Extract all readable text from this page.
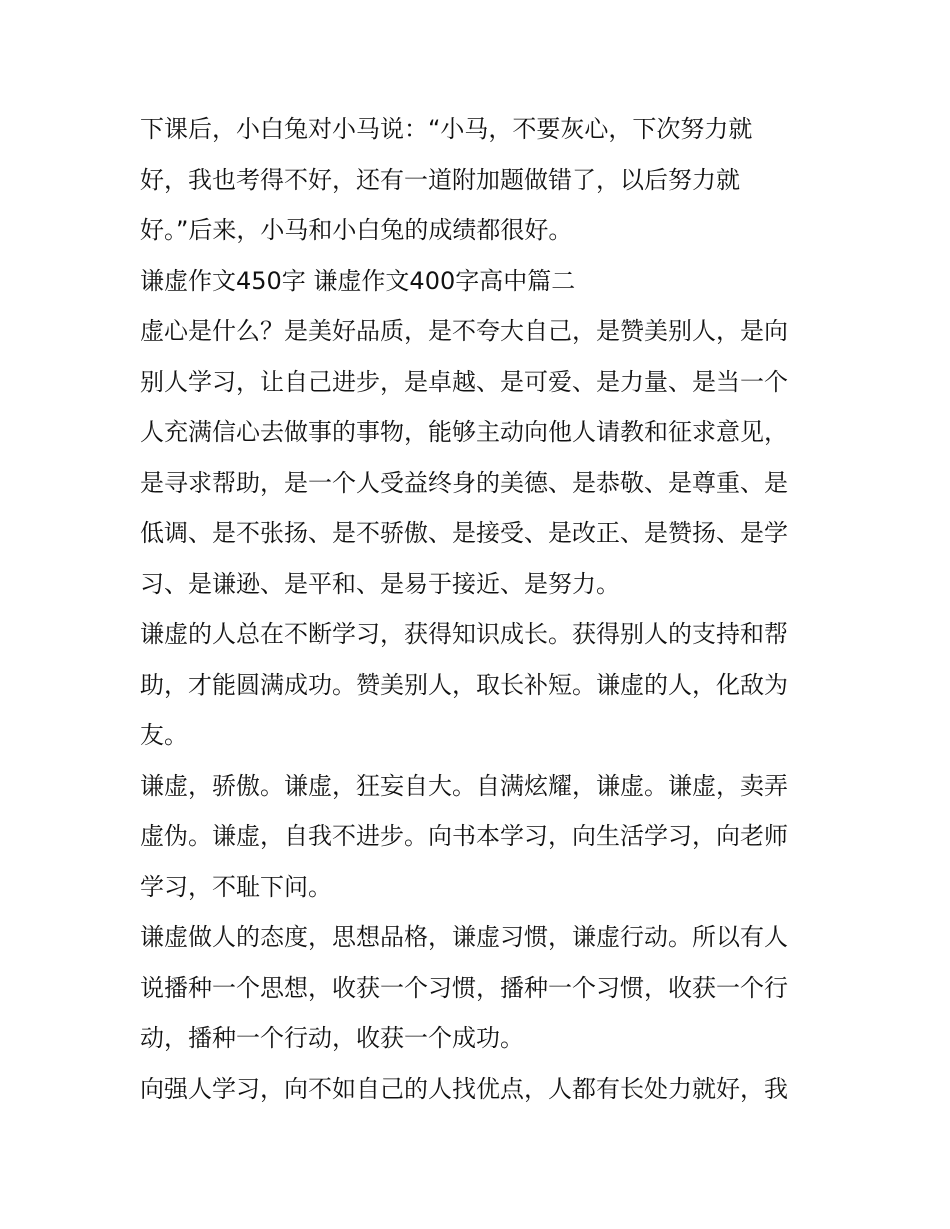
下课后，小白兔对小马说：“小马，不要灰心，下次努力就

好，我也考得不好，还有一道附加题做错了，以后努力就

好。”后来，小马和小白兔的成绩都很好。

谦虚作文450字 谦虚作文400字高中篇二

虚心是什么？是美好品质，是不夸大自己，是赞美别人，是向

别人学习，让自己进步，是卓越、是可爱、是力量、是当一个

人充满信心去做事的事物，能够主动向他人请教和征求意见，

是寻求帮助，是一个人受益终身的美德、是恭敬、是尊重、是

低调、是不张扬、是不骄傲、是接受、是改正、是赞扬、是学

习、是谦逊、是平和、是易于接近、是努力。

谦虚的人总在不断学习，获得知识成长。获得别人的支持和帮

助，才能圆满成功。赞美别人，取长补短。谦虚的人，化敌为

友。

谦虚，骄傲。谦虚，狂妄自大。自满炫耀，谦虚。谦虚，卖弄

虚伪。谦虚，自我不进步。向书本学习，向生活学习，向老师

学习，不耻下问。

谦虚做人的态度，思想品格，谦虚习惯，谦虚行动。所以有人

说播种一个思想，收获一个习惯，播种一个习惯，收获一个行

动，播种一个行动，收获一个成功。

向强人学习，向不如自己的人找优点，人都有长处力就好，我
